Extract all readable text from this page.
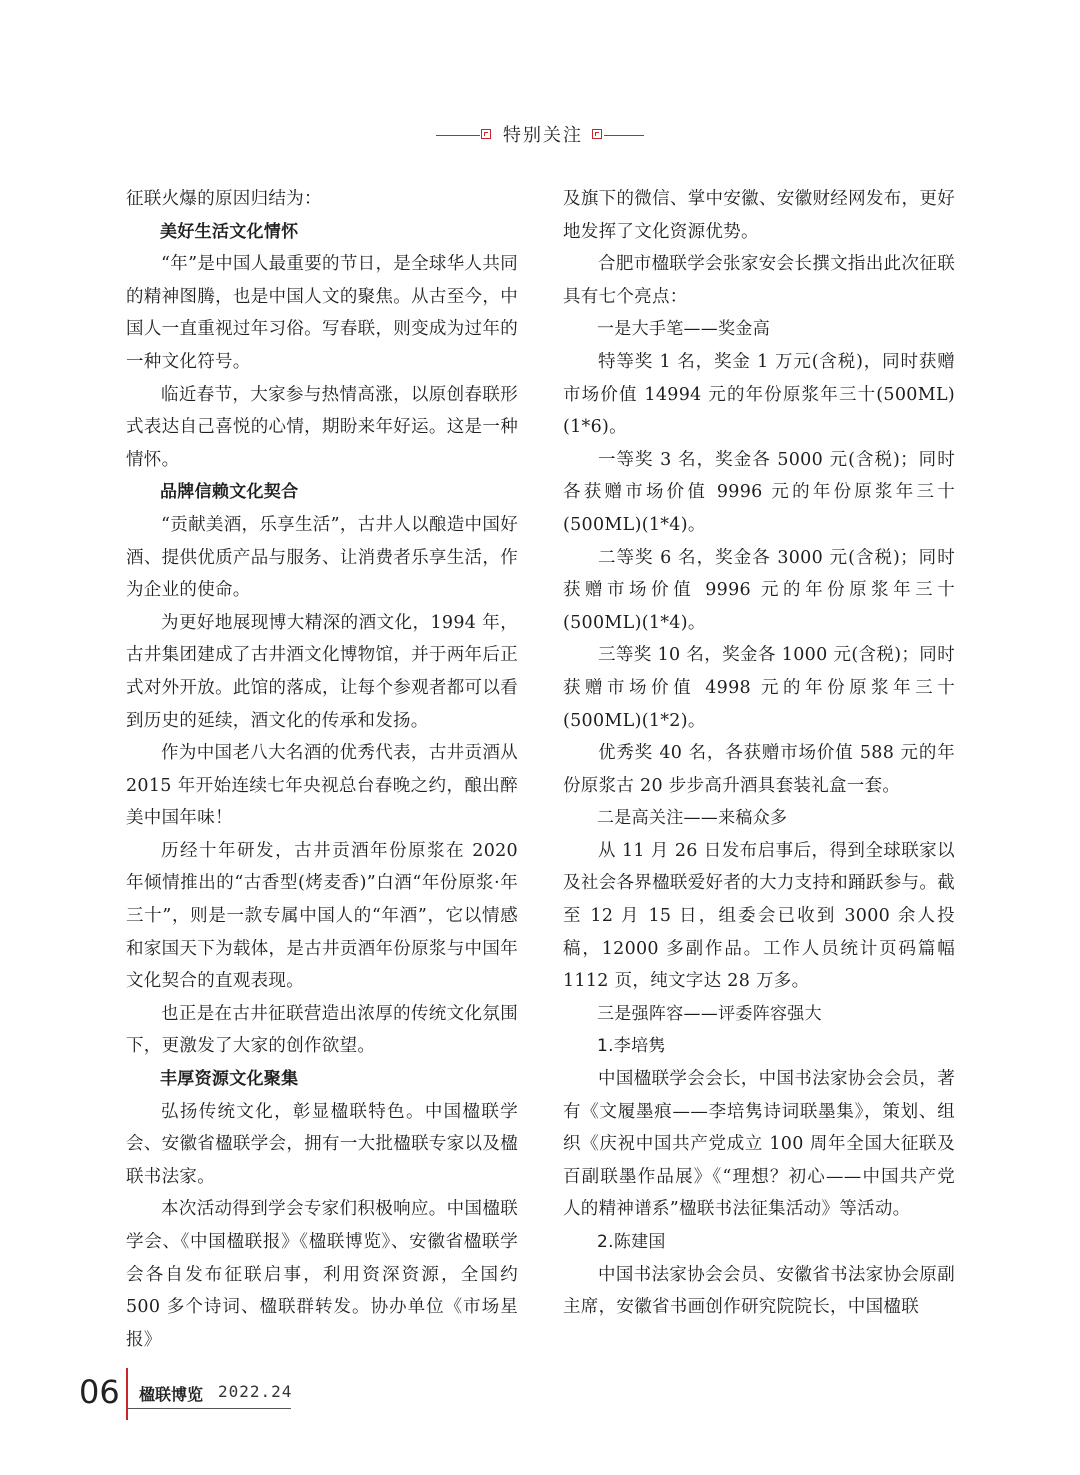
特别关注

征联火爆的原因归结为：

美好生活文化情怀

“年”是中国人最重要的节日，是全球华人共同的精神图腾，也是中国人文的聚焦。从古至今，中国人一直重视过年习俗。写春联，则变成为过年的一种文化符号。

临近春节，大家参与热情高涨，以原创春联形式表达自己喜悦的心情，期盼来年好运。这是一种情怀。

品牌信赖文化契合

“贡献美酒，乐享生活”，古井人以酿造中国好酒、提供优质产品与服务、让消费者乐享生活，作为企业的使命。

为更好地展现博大精深的酒文化，1994 年，古井集团建成了古井酒文化博物馆，并于两年后正式对外开放。此馆的落成，让每个参观者都可以看到历史的延续，酒文化的传承和发扬。

作为中国老八大名酒的优秀代表，古井贡酒从 2015 年开始连续七年央视总台春晚之约，酿出醉美中国年味！

历经十年研发，古井贡酒年份原浆在 2020 年倾情推出的“古香型(烤麦香)”白酒“年份原浆·年三十”，则是一款专属中国人的“年酒”，它以情感和家国天下为载体，是古井贡酒年份原浆与中国年文化契合的直观表现。

也正是在古井征联营造出浓厚的传统文化氛围下，更激发了大家的创作欲望。

丰厚资源文化聚集

弘扬传统文化，彰显楹联特色。中国楹联学会、安徽省楹联学会，拥有一大批楹联专家以及楹联书法家。

本次活动得到学会专家们积极响应。中国楹联学会、《中国楹联报》《楹联博览》、安徽省楹联学会各自发布征联启事，利用资深资源，全国约 500 多个诗词、楹联群转发。协办单位《市场星报》

及旗下的微信、掌中安徽、安徽财经网发布，更好地发挥了文化资源优势。

合肥市楹联学会张家安会长撰文指出此次征联具有七个亮点：

一是大手笔——奖金高

特等奖 1 名，奖金 1 万元(含税)，同时获赠市场价值 14994 元的年份原浆年三十(500ML)(1*6)。

一等奖 3 名，奖金各 5000 元(含税)；同时各获赠市场价值 9996 元的年份原浆年三十(500ML)(1*4)。

二等奖 6 名，奖金各 3000 元(含税)；同时获赠市场价值 9996 元的年份原浆年三十(500ML)(1*4)。

三等奖 10 名，奖金各 1000 元(含税)；同时获赠市场价值 4998 元的年份原浆年三十(500ML)(1*2)。

优秀奖 40 名，各获赠市场价值 588 元的年份原浆古 20 步步高升酒具套装礼盒一套。

二是高关注——来稿众多

从 11 月 26 日发布启事后，得到全球联家以及社会各界楹联爱好者的大力支持和踊跃参与。截至 12 月 15 日，组委会已收到 3000 余人投稿，12000 多副作品。工作人员统计页码篇幅 1112 页，纯文字达 28 万多。

三是强阵容——评委阵容强大

1.李培隽

中国楹联学会会长，中国书法家协会会员，著有《文履墨痕——李培隽诗词联墨集》，策划、组织《庆祝中国共产党成立 100 周年全国大征联及百副联墨作品展》《“理想？初心——中国共产党人的精神谱系”楹联书法征集活动》等活动。

2.陈建国

中国书法家协会会员、安徽省书法家协会原副主席，安徽省书画创作研究院院长，中国楹联

06 楹联博览 2022.24
